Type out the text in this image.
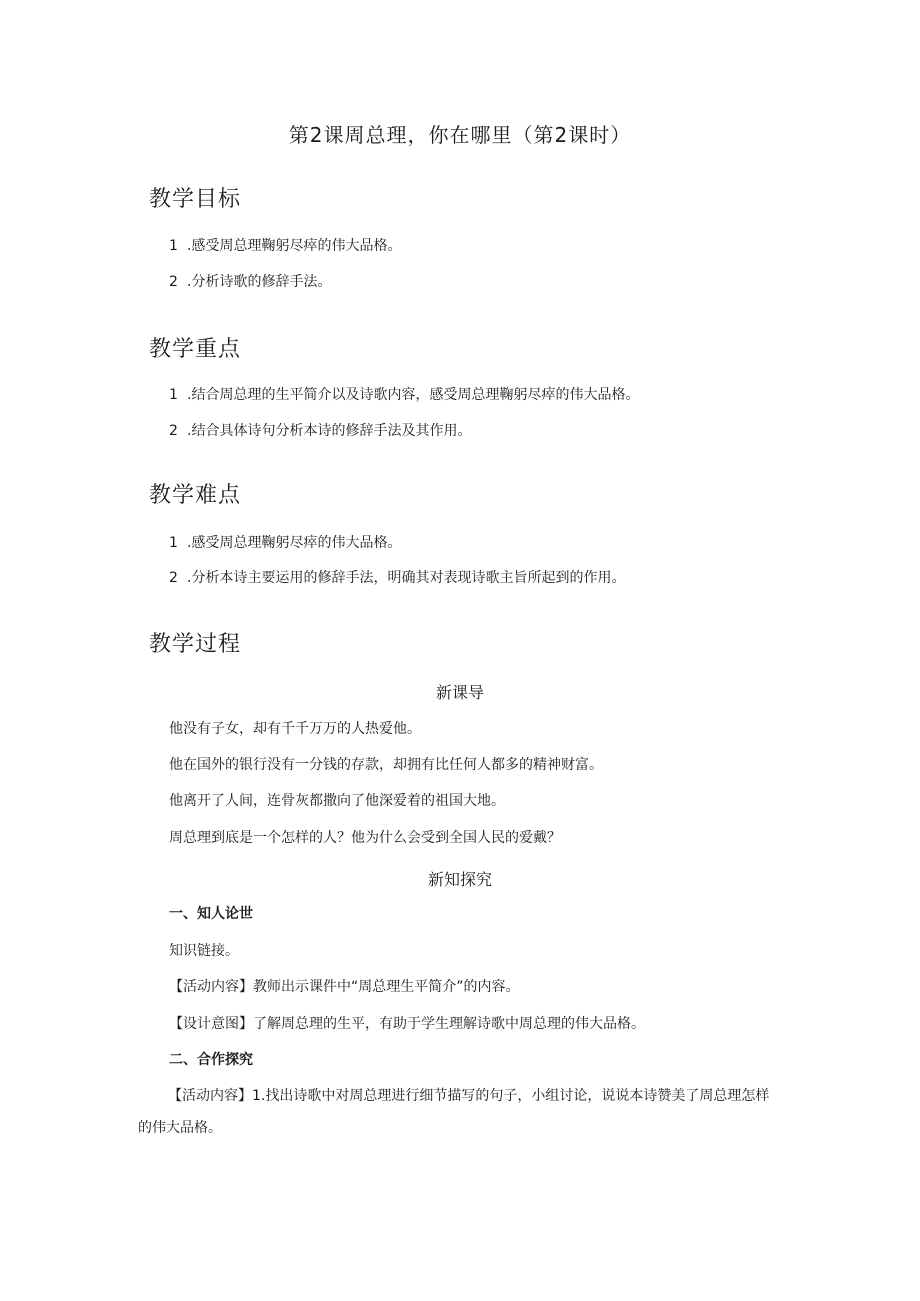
第2课周总理，你在哪里（第2课时）
教学目标
1 .感受周总理鞠躬尽瘁的伟大品格。
2 .分析诗歌的修辞手法。
教学重点
1 .结合周总理的生平简介以及诗歌内容，感受周总理鞠躬尽瘁的伟大品格。
2 .结合具体诗句分析本诗的修辞手法及其作用。
教学难点
1 .感受周总理鞠躬尽瘁的伟大品格。
2 .分析本诗主要运用的修辞手法，明确其对表现诗歌主旨所起到的作用。
教学过程
新课导
他没有子女，却有千千万万的人热爱他。
他在国外的银行没有一分钱的存款，却拥有比任何人都多的精神财富。
他离开了人间，连骨灰都撒向了他深爱着的祖国大地。
周总理到底是一个怎样的人？他为什么会受到全国人民的爱戴？
新知探究
一、知人论世
知识链接。
【活动内容】教师出示课件中“周总理生平简介”的内容。
【设计意图】了解周总理的生平，有助于学生理解诗歌中周总理的伟大品格。
二、合作探究
【活动内容】1.找出诗歌中对周总理进行细节描写的句子，小组讨论，说说本诗赞美了周总理怎样的伟大品格。
